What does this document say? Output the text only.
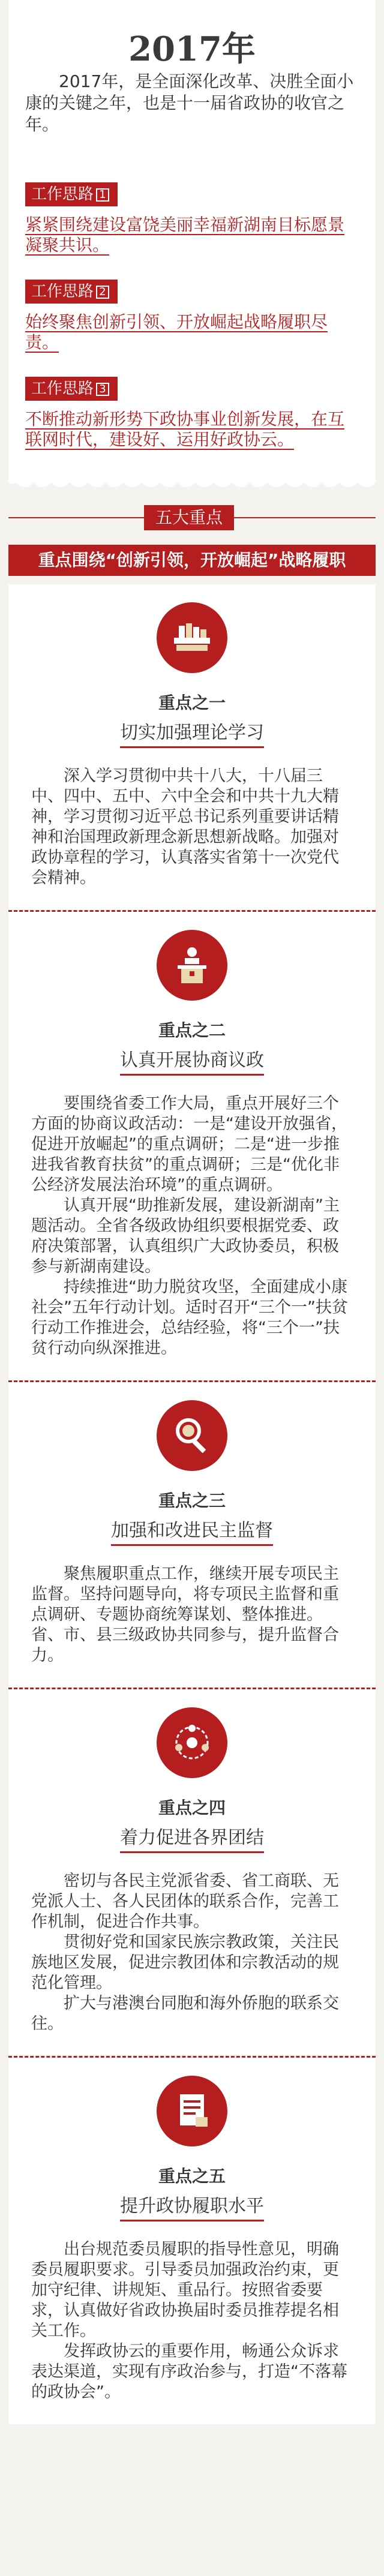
2017年

2017年，是全面深化改革、决胜全面小康的关键之年，也是十一届省政协的收官之年。

工作思路 1

紧紧围绕建设富饶美丽幸福新湖南目标愿景凝聚共识。

工作思路 2

始终聚焦创新引领、开放崛起战略履职尽责。

工作思路 3

不断推动新形势下政协事业创新发展，在互联网时代，建设好、运用好政协云。

五大重点
重点围绕“创新引领，开放崛起”战略履职
重点之一
切实加强理论学习

深入学习贯彻中共十八大，十八届三中、四中、五中、六中全会和中共十九大精神，学习贯彻习近平总书记系列重要讲话精神和治国理政新理念新思想新战略。加强对政协章程的学习，认真落实省第十一次党代会精神。

重点之二
认真开展协商议政

要围绕省委工作大局，重点开展好三个方面的协商议政活动：一是“建设开放强省，促进开放崛起”的重点调研；二是“进一步推进我省教育扶贫”的重点调研；三是“优化非公经济发展法治环境”的重点调研。

认真开展“助推新发展，建设新湖南”主题活动。全省各级政协组织要根据党委、政府决策部署，认真组织广大政协委员，积极参与新湖南建设。

持续推进“助力脱贫攻坚，全面建成小康社会”五年行动计划。适时召开“三个一”扶贫行动工作推进会，总结经验，将“三个一”扶贫行动向纵深推进。

重点之三
加强和改进民主监督

聚焦履职重点工作，继续开展专项民主监督。坚持问题导向，将专项民主监督和重点调研、专题协商统筹谋划、整体推进。省、市、县三级政协共同参与，提升监督合力。

重点之四
着力促进各界团结

密切与各民主党派省委、省工商联、无党派人士、各人民团体的联系合作，完善工作机制，促进合作共事。

贯彻好党和国家民族宗教政策，关注民族地区发展，促进宗教团体和宗教活动的规范化管理。

扩大与港澳台同胞和海外侨胞的联系交往。

重点之五
提升政协履职水平

出台规范委员履职的指导性意见，明确委员履职要求。引导委员加强政治约束，更加守纪律、讲规矩、重品行。按照省委要求，认真做好省政协换届时委员推荐提名相关工作。

发挥政协云的重要作用，畅通公众诉求表达渠道，实现有序政治参与，打造“不落幕的政协会”。
